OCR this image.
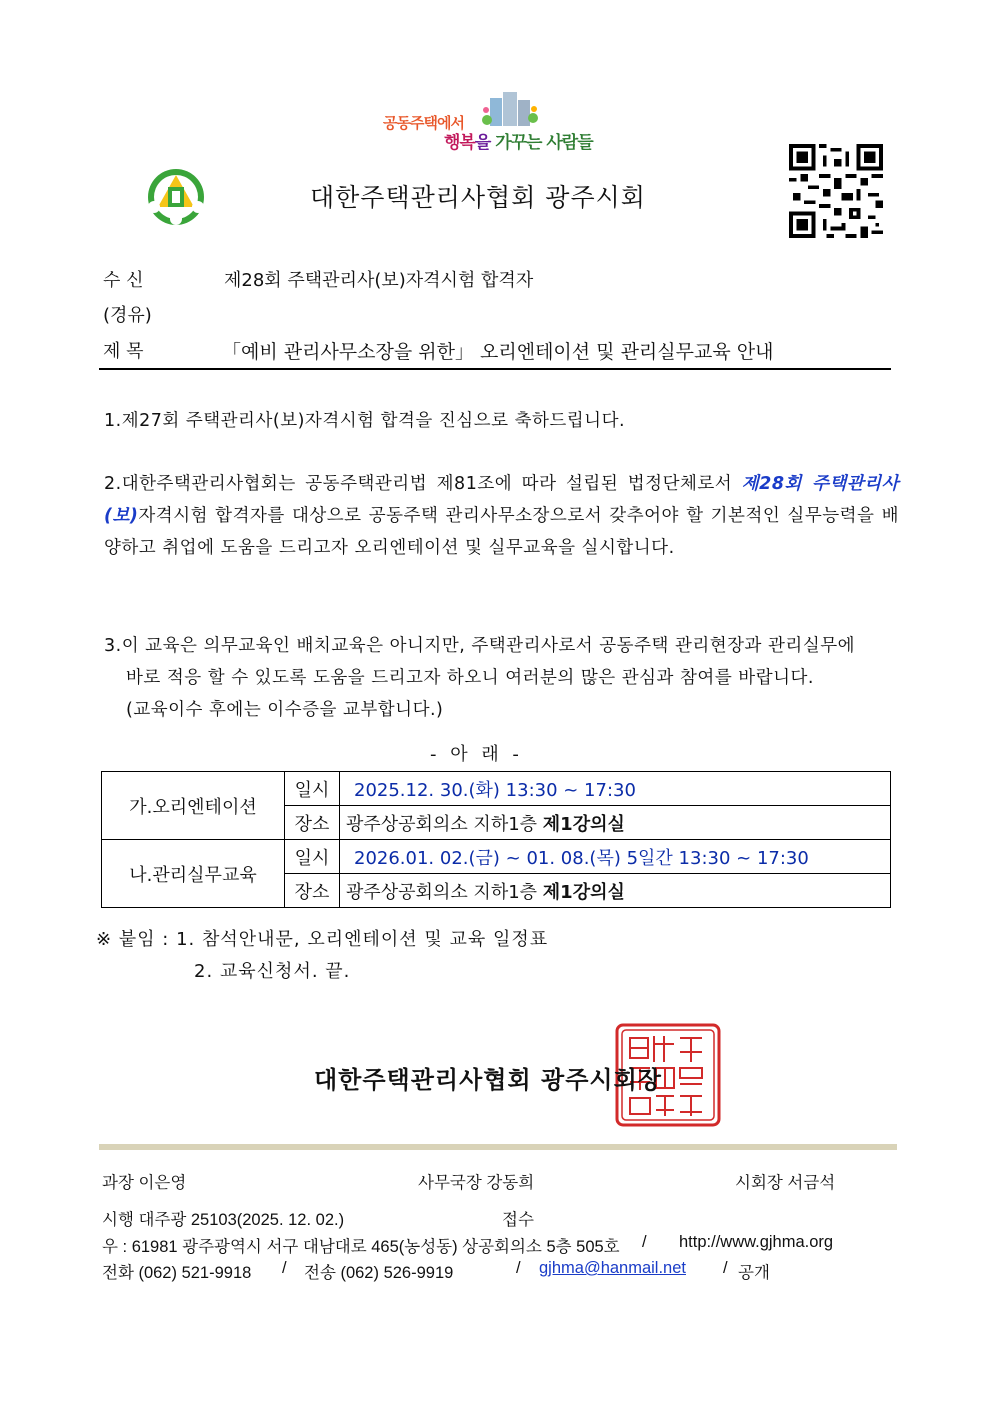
공동주택에서
행복을 가꾸는 사람들
대한주택관리사협회 광주시회
수 신	제28회 주택관리사(보)자격시험 합격자
(경유)
제 목	「예비 관리사무소장을 위한」 오리엔테이션 및 관리실무교육 안내
1.제27회 주택관리사(보)자격시험 합격을 진심으로 축하드립니다.
2.대한주택관리사협회는 공동주택관리법 제81조에 따라 설립된 법정단체로서 제28회 주택관리사(보)자격시험 합격자를 대상으로 공동주택 관리사무소장으로서 갖추어야 할 기본적인 실무능력을 배양하고 취업에 도움을 드리고자 오리엔테이션 및 실무교육을 실시합니다.
3.이 교육은 의무교육인 배치교육은 아니지만, 주택관리사로서 공동주택 관리현장과 관리실무에
바로 적응 할 수 있도록 도움을 드리고자 하오니 여러분의 많은 관심과 참여를 바랍니다.
(교육이수 후에는 이수증을 교부합니다.)
- 아 래 -
가.오리엔테이션	일시	2025.12. 30.(화) 13:30 ~ 17:30
	장소	광주상공회의소 지하1층 제1강의실
나.관리실무교육	일시	2026.01. 02.(금) ~ 01. 08.(목) 5일간 13:30 ~ 17:30
	장소	광주상공회의소 지하1층 제1강의실
※ 붙임 : 1. 참석안내문, 오리엔테이션 및 교육 일정표
2. 교육신청서. 끝.
대한주택관리사협회 광주시회장
과장 이은영	사무국장 강동희	시회장 서금석
시행 대주광 25103(2025. 12. 02.)	접수
우 : 61981 광주광역시 서구 대남대로 465(농성동) 상공회의소 5층 505호 / http://www.gjhma.org
전화 (062) 521-9918 / 전송 (062) 526-9919	/ gjhma@hanmail.net / 공개
